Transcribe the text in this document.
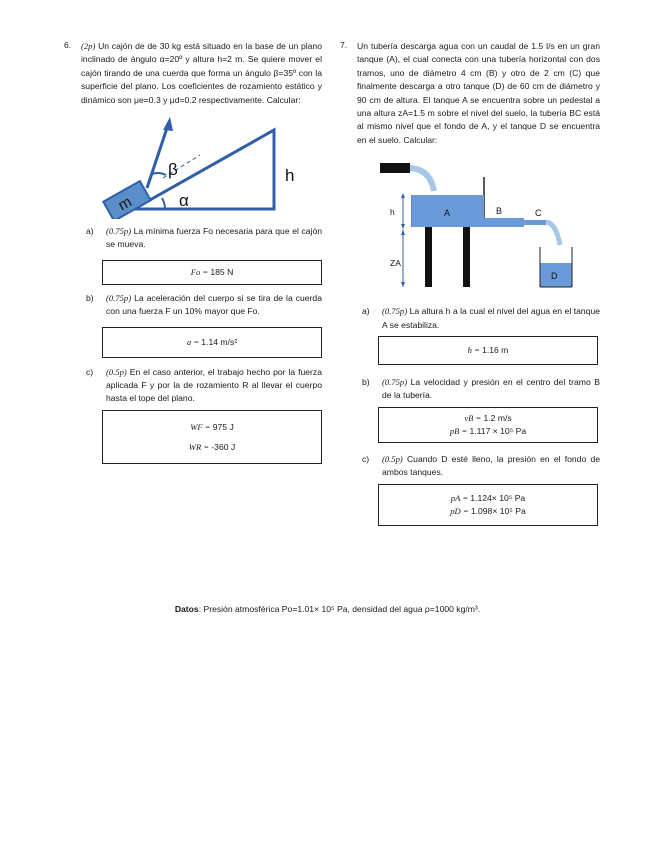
6. (2p) Un cajón de de 30 kg está situado en la base de un plano inclinado de ángulo α=20º y altura h=2 m. Se quiere mover el cajón tirando de una cuerda que forma un ángulo β=35º con la superficie del plano. Los coeficientes de rozamiento estático y dinámico son μe=0.3 y μd=0.2 respectivamente. Calcular:
m
β
α
h
a) (0.75p) La mínima fuerza Fo necesaria para que el cajón se mueva.
Fo = 185 N
b) (0.75p) La aceleración del cuerpo si se tira de la cuerda con una fuerza F un 10% mayor que Fo.
a = 1.14 m/s²
c) (0.5p) En el caso anterior, el trabajo hecho por la fuerza aplicada F y por la de rozamiento R al llevar el cuerpo hasta el tope del plano.
WF = 975 J
WR = -360 J
7. Un tubería descarga agua con un caudal de 1.5 l/s en un gran tanque (A), el cual conecta con una tubería horizontal con dos tramos, uno de diámetro 4 cm (B) y otro de 2 cm (C) que finalmente descarga a otro tanque (D) de 60 cm de diámetro y 90 cm de altura. El tanque A se encuentra sobre un pedestal a una altura zA=1.5 m sobre el nivel del suelo, la tubería BC está al mismo nivel que el fondo de A, y el tanque D se encuentra en el suelo. Calcular:
h	A	B	C
ZA
D
a) (0.75p) La altura h a la cual el nivel del agua en el tanque A se estabiliza.
h = 1.16 m
b) (0.75p) La velocidad y presión en el centro del tramo B de la tubería.
vB = 1.2 m/s
pB = 1.117 × 10⁵ Pa
c) (0.5p) Cuando D esté lleno, la presión en el fondo de ambos tanques.
pA = 1.124× 10⁵ Pa
pD = 1.098× 10⁵ Pa
Datos: Presión atmosférica Po=1.01× 10⁵ Pa, densidad del agua ρ=1000 kg/m³.
